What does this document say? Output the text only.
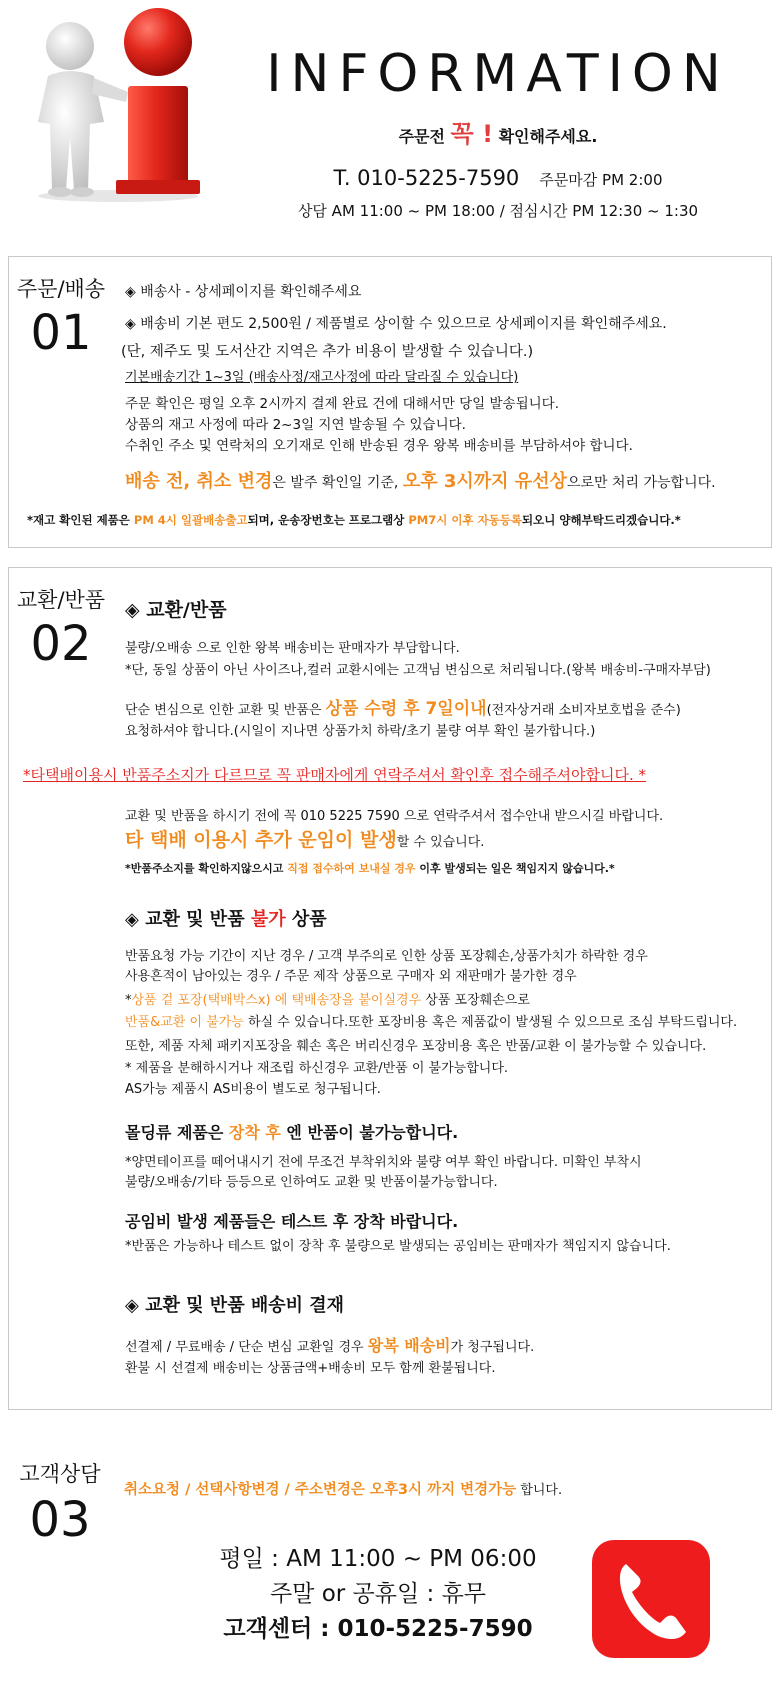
INFORMATION
주문전 꼭 ! 확인해주세요.
T. 010-5225-7590 주문마감 PM 2:00
상담 AM 11:00 ~ PM 18:00 / 점심시간 PM 12:30 ~ 1:30
주문/배송
01
◈ 배송사 - 상세페이지를 확인해주세요
◈ 배송비 기본 편도 2,500원 / 제품별로 상이할 수 있으므로 상세페이지를 확인해주세요.
(단, 제주도 및 도서산간 지역은 추가 비용이 발생할 수 있습니다.)
기본배송기간 1~3일 (배송사정/재고사정에 따라 달라질 수 있습니다)
주문 확인은 평일 오후 2시까지 결제 완료 건에 대해서만 당일 발송됩니다.
상품의 재고 사정에 따라 2~3일 지연 발송될 수 있습니다.
수취인 주소 및 연락처의 오기재로 인해 반송된 경우 왕복 배송비를 부담하셔야 합니다.
배송 전, 취소 변경은 발주 확인일 기준, 오후 3시까지 유선상으로만 처리 가능합니다.
*재고 확인된 제품은 PM 4시 일괄배송출고되며, 운송장번호는 프로그램상 PM7시 이후 자동등록되오니 양해부탁드리겠습니다.*
교환/반품
02
◈ 교환/반품
불량/오배송 으로 인한 왕복 배송비는 판매자가 부담합니다.
*단, 동일 상품이 아닌 사이즈나,컬러 교환시에는 고객님 변심으로 처리됩니다.(왕복 배송비-구매자부담)
단순 변심으로 인한 교환 및 반품은 상품 수령 후 7일이내(전자상거래 소비자보호법을 준수)
요청하셔야 합니다.(시일이 지나면 상품가치 하락/초기 불량 여부 확인 불가합니다.)
*타택배이용시 반품주소지가 다르므로 꼭 판매자에게 연락주셔서 확인후 접수해주셔야합니다. *
교환 및 반품을 하시기 전에 꼭 010 5225 7590 으로 연락주셔서 접수안내 받으시길 바랍니다.
타 택배 이용시 추가 운임이 발생할 수 있습니다.
*반품주소지를 확인하지않으시고 직접 접수하여 보내실 경우 이후 발생되는 일은 책임지지 않습니다.*
◈ 교환 및 반품 불가 상품
반품요청 가능 기간이 지난 경우 / 고객 부주의로 인한 상품 포장훼손,상품가치가 하락한 경우
사용흔적이 남아있는 경우 / 주문 제작 상품으로 구매자 외 재판매가 불가한 경우
*상품 겉 포장(택배박스x) 에 택배송장을 붙이실경우 상품 포장훼손으로
반품&교환 이 불가능 하실 수 있습니다.또한 포장비용 혹은 제품값이 발생될 수 있으므로 조심 부탁드립니다.
또한, 제품 자체 패키지포장을 훼손 혹은 버리신경우 포장비용 혹은 반품/교환 이 불가능할 수 있습니다.
* 제품을 분해하시거나 재조립 하신경우 교환/반품 이 불가능합니다.
AS가능 제품시 AS비용이 별도로 청구됩니다.
몰딩류 제품은 장착 후 엔 반품이 불가능합니다.
*양면테이프를 떼어내시기 전에 무조건 부착위치와 불량 여부 확인 바랍니다. 미확인 부착시
불량/오배송/기타 등등으로 인하여도 교환 및 반품이불가능합니다.
공임비 발생 제품들은 테스트 후 장착 바랍니다.
*반품은 가능하나 테스트 없이 장착 후 불량으로 발생되는 공임비는 판매자가 책임지지 않습니다.
◈ 교환 및 반품 배송비 결재
선결제 / 무료배송 / 단순 변심 교환일 경우 왕복 배송비가 청구됩니다.
환불 시 선결제 배송비는 상품금액+배송비 모두 함께 환불됩니다.
고객상담
03
취소요청 / 선택사항변경 / 주소변경은 오후3시 까지 변경가능 합니다.
평일 : AM 11:00 ~ PM 06:00
주말 or 공휴일 : 휴무
고객센터 : 010-5225-7590
